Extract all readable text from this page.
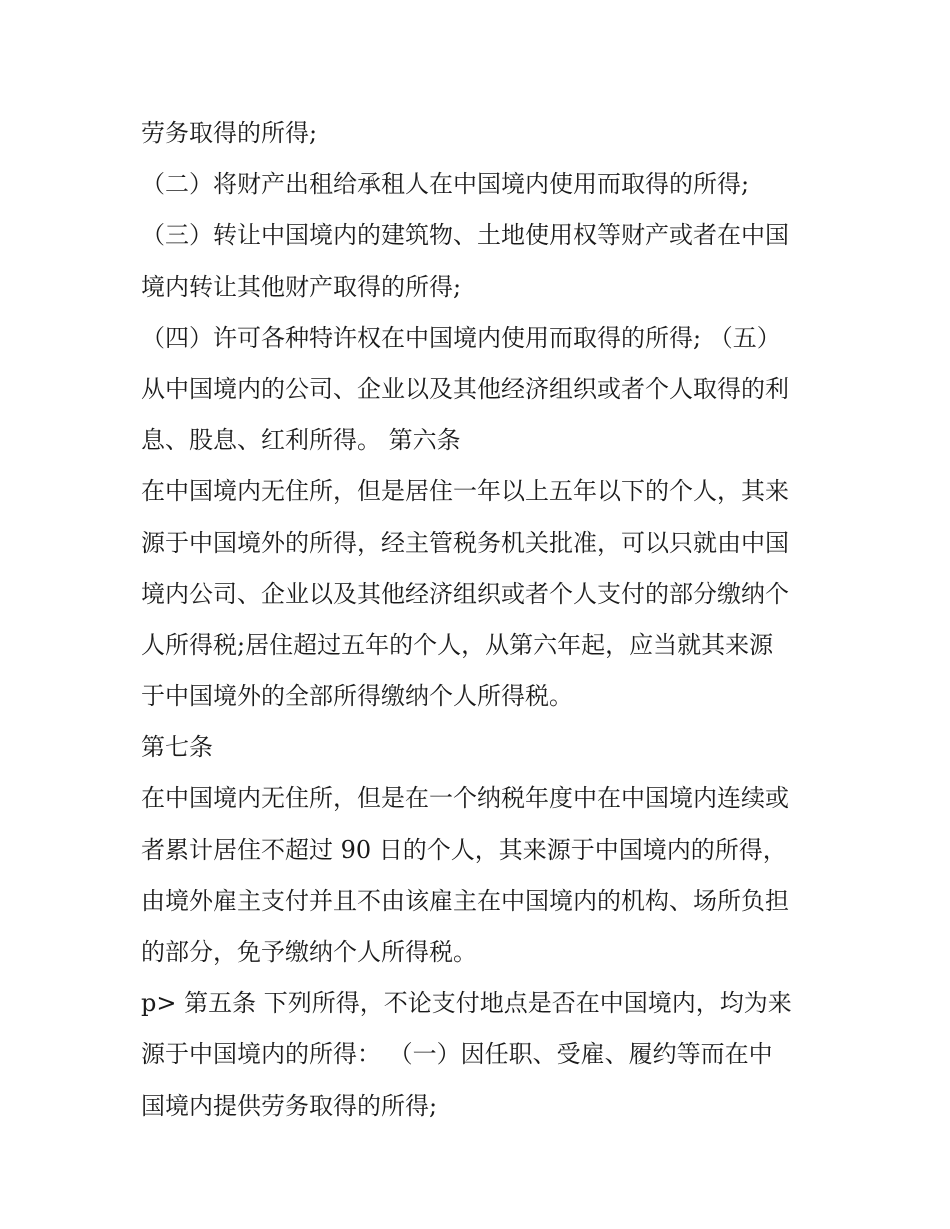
劳务取得的所得;
（二）将财产出租给承租人在中国境内使用而取得的所得;
（三）转让中国境内的建筑物、土地使用权等财产或者在中国
境内转让其他财产取得的所得;
（四）许可各种特许权在中国境内使用而取得的所得; （五）
从中国境内的公司、企业以及其他经济组织或者个人取得的利
息、股息、红利所得。 第六条
在中国境内无住所，但是居住一年以上五年以下的个人，其来
源于中国境外的所得，经主管税务机关批准，可以只就由中国
境内公司、企业以及其他经济组织或者个人支付的部分缴纳个
人所得税;居住超过五年的个人，从第六年起，应当就其来源
于中国境外的全部所得缴纳个人所得税。
第七条
在中国境内无住所，但是在一个纳税年度中在中国境内连续或
者累计居住不超过 90 日的个人，其来源于中国境内的所得，
由境外雇主支付并且不由该雇主在中国境内的机构、场所负担
的部分，免予缴纳个人所得税。
p> 第五条 下列所得，不论支付地点是否在中国境内，均为来
源于中国境内的所得： （一）因任职、受雇、履约等而在中
国境内提供劳务取得的所得;
